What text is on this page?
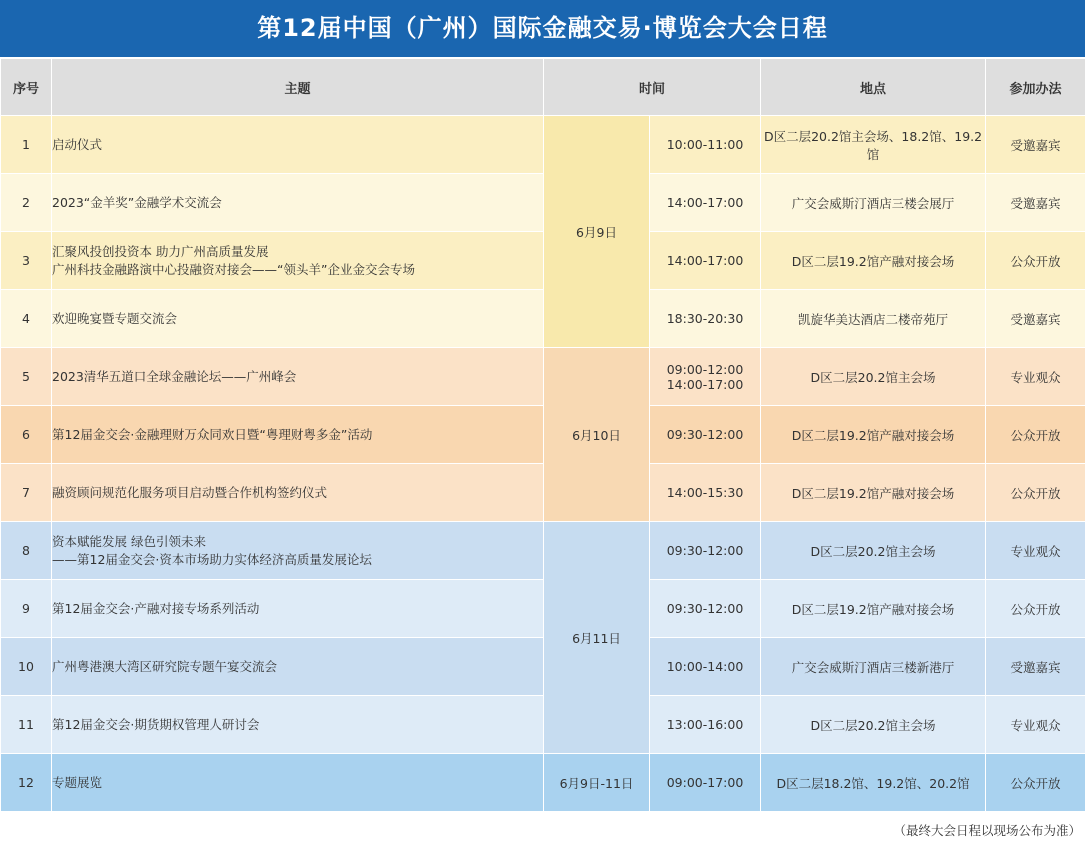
第12届中国（广州）国际金融交易·博览会大会日程
序号	主题	时间		地点	参加办法
1	启动仪式	6月9日	10:00-11:00	D区二层20.2馆主会场、18.2馆、19.2馆	受邀嘉宾
2	2023“金羊奖”金融学术交流会		14:00-17:00	广交会威斯汀酒店三楼会展厅	受邀嘉宾
3	汇聚风投创投资本 助力广州高质量发展
广州科技金融路演中心投融资对接会——“领头羊”企业金交会专场		14:00-17:00	D区二层19.2馆产融对接会场	公众开放
4	欢迎晚宴暨专题交流会		18:30-20:30	凯旋华美达酒店二楼帝苑厅	受邀嘉宾
5	2023清华五道口全球金融论坛——广州峰会	6月10日	09:00-12:00
14:00-17:00	D区二层20.2馆主会场	专业观众
6	第12届金交会·金融理财万众同欢日暨“粤理财粤多金”活动		09:30-12:00	D区二层19.2馆产融对接会场	公众开放
7	融资顾问规范化服务项目启动暨合作机构签约仪式		14:00-15:30	D区二层19.2馆产融对接会场	公众开放
8	资本赋能发展 绿色引领未来
——第12届金交会·资本市场助力实体经济高质量发展论坛	6月11日	09:30-12:00	D区二层20.2馆主会场	专业观众
9	第12届金交会·产融对接专场系列活动		09:30-12:00	D区二层19.2馆产融对接会场	公众开放
10	广州粤港澳大湾区研究院专题午宴交流会		10:00-14:00	广交会威斯汀酒店三楼新港厅	受邀嘉宾
11	第12届金交会·期货期权管理人研讨会		13:00-16:00	D区二层20.2馆主会场	专业观众
12	专题展览	6月9日-11日	09:00-17:00	D区二层18.2馆、19.2馆、20.2馆	公众开放
（最终大会日程以现场公布为准）
